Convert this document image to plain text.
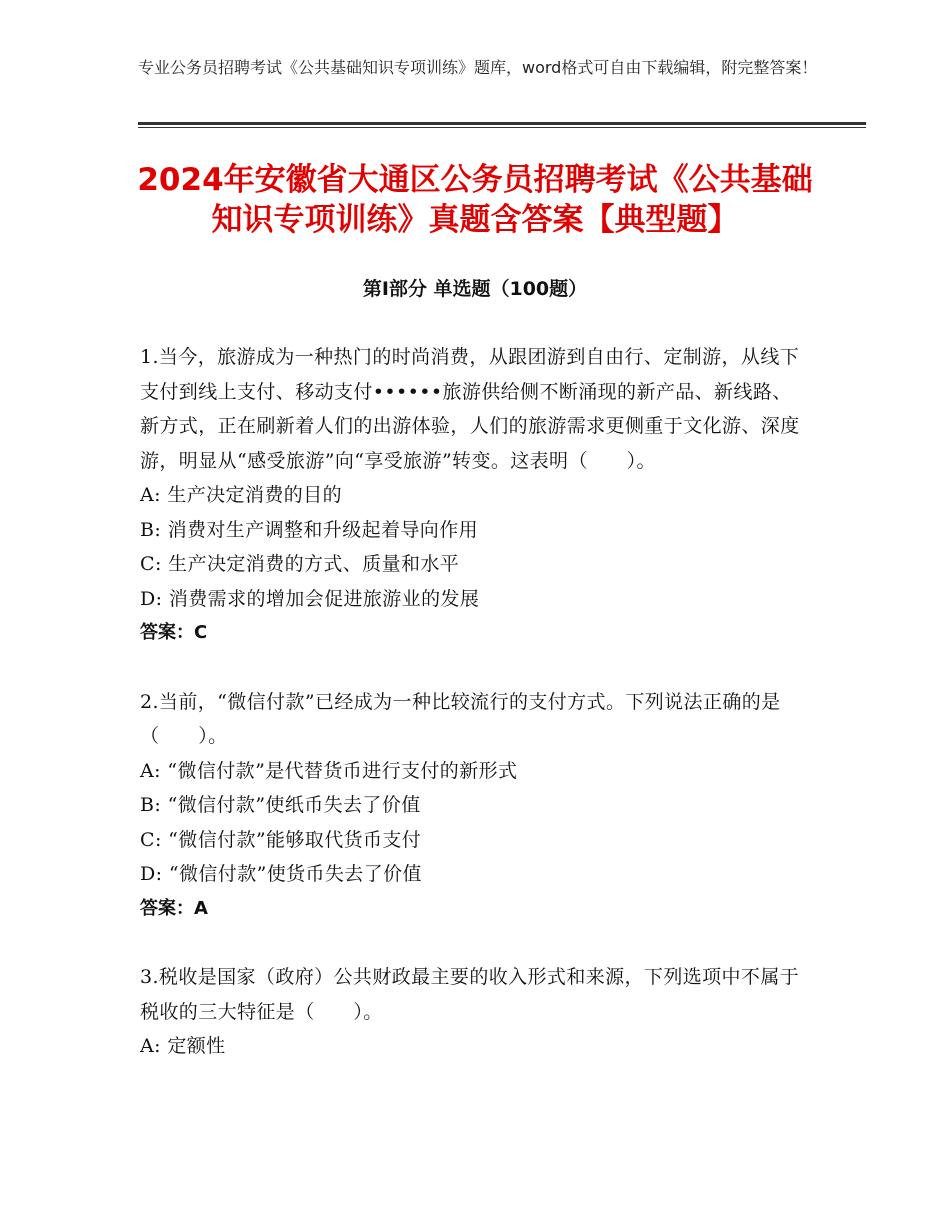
专业公务员招聘考试《公共基础知识专项训练》题库，word格式可自由下载编辑，附完整答案！
2024年安徽省大通区公务员招聘考试《公共基础知识专项训练》真题含答案【典型题】
第Ⅰ部分 单选题（100题）
1.当今，旅游成为一种热门的时尚消费，从跟团游到自由行、定制游，从线下支付到线上支付、移动支付••••••旅游供给侧不断涌现的新产品、新线路、新方式，正在刷新着人们的出游体验，人们的旅游需求更侧重于文化游、深度游，明显从“感受旅游”向“享受旅游”转变。这表明（　　）。
A: 生产决定消费的目的
B: 消费对生产调整和升级起着导向作用
C: 生产决定消费的方式、质量和水平
D: 消费需求的增加会促进旅游业的发展
答案：C
2.当前，“微信付款”已经成为一种比较流行的支付方式。下列说法正确的是（　　）。
A: “微信付款”是代替货币进行支付的新形式
B: “微信付款”使纸币失去了价值
C: “微信付款”能够取代货币支付
D: “微信付款”使货币失去了价值
答案：A
3.税收是国家（政府）公共财政最主要的收入形式和来源，下列选项中不属于税收的三大特征是（　　）。
A: 定额性
